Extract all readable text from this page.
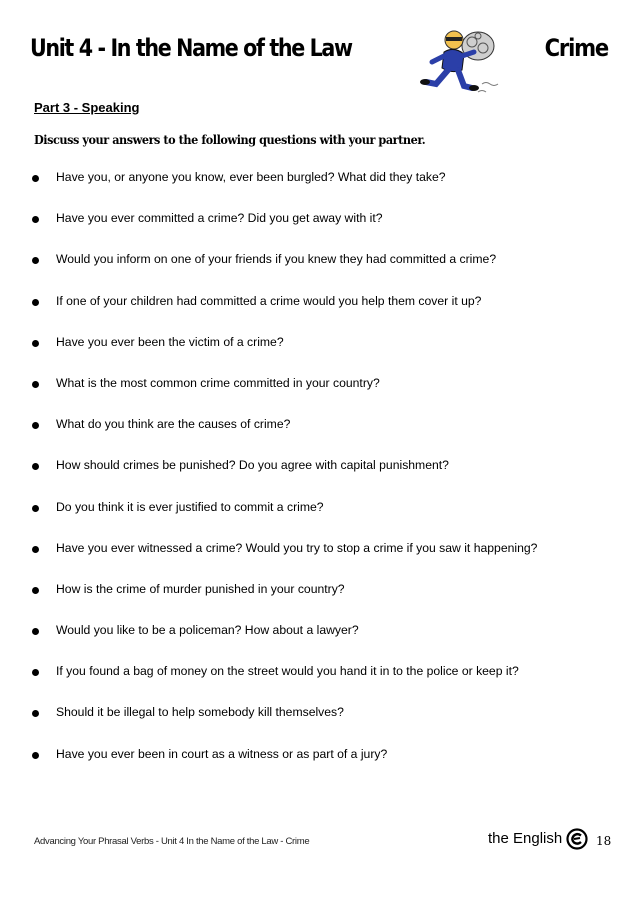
Unit 4 - In the Name of the Law	Crime
Part 3 - Speaking
Discuss your answers to the following questions with your partner.
Have you, or anyone you know, ever been burgled? What did they take?
Have you ever committed a crime? Did you get away with it?
Would you inform on one of your friends if you knew they had committed a crime?
If one of your children had committed a crime would you help them cover it up?
Have you ever been the victim of a crime?
What is the most common crime committed in your country?
What do you think are the causes of crime?
How should crimes be punished? Do you agree with capital punishment?
Do you think it is ever justified to commit a crime?
Have you ever witnessed a crime? Would you try to stop a crime if you saw it happening?
How is the crime of murder punished in your country?
Would you like to be a policeman? How about a lawyer?
If you found a bag of money on the street would you hand it in to the police or keep it?
Should it be illegal to help somebody kill themselves?
Have you ever been in court as a witness or as part of a jury?
Advancing Your Phrasal Verbs - Unit 4 In the Name of the Law - Crime	the English	18
